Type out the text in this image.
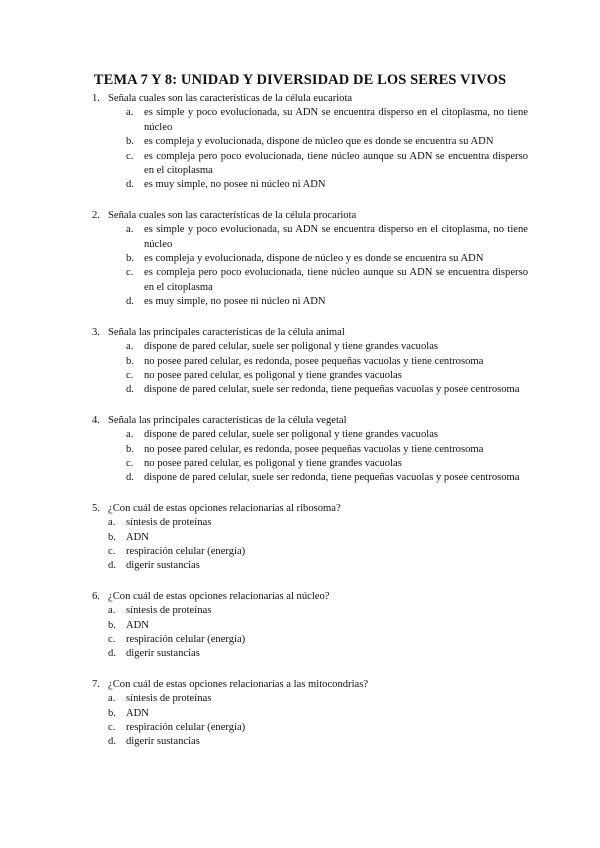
TEMA 7 Y 8: UNIDAD Y DIVERSIDAD DE LOS SERES VIVOS
1. Señala cuales son las características de la célula eucariota
a. es simple y poco evolucionada, su ADN se encuentra disperso en el citoplasma, no tiene núcleo
b. es compleja y evolucionada, dispone de núcleo que es donde se encuentra su ADN
c. es compleja pero poco evolucionada, tiene núcleo aunque su ADN se encuentra disperso en el citoplasma
d. es muy simple, no posee ni núcleo ni ADN
2. Señala cuales son las características de la célula procariota
a. es simple y poco evolucionada, su ADN se encuentra disperso en el citoplasma, no tiene núcleo
b. es compleja y evolucionada, dispone de núcleo y es donde se encuentra su ADN
c. es compleja pero poco evolucionada, tiene núcleo aunque su ADN se encuentra disperso en el citoplasma
d. es muy simple, no posee ni núcleo ni ADN
3. Señala las principales características de la célula animal
a. dispone de pared celular, suele ser poligonal y tiene grandes vacuolas
b. no posee pared celular, es redonda, posee pequeñas vacuolas y tiene centrosoma
c. no posee pared celular, es poligonal y tiene grandes vacuolas
d. dispone de pared celular, suele ser redonda, tiene pequeñas vacuolas y posee centrosoma
4. Señala las principales características de la célula vegetal
a. dispone de pared celular, suele ser poligonal y tiene grandes vacuolas
b. no posee pared celular, es redonda, posee pequeñas vacuolas y tiene centrosoma
c. no posee pared celular, es poligonal y tiene grandes vacuolas
d. dispone de pared celular, suele ser redonda, tiene pequeñas vacuolas y posee centrosoma
5. ¿Con cuál de estas opciones relacionarías al ribosoma?
a. síntesis de proteínas
b. ADN
c. respiración celular (energía)
d. digerir sustancias
6. ¿Con cuál de estas opciones relacionarías al núcleo?
a. síntesis de proteínas
b. ADN
c. respiración celular (energía)
d. digerir sustancias
7. ¿Con cuál de estas opciones relacionarías a las mitocondrias?
a. síntesis de proteínas
b. ADN
c. respiración celular (energía)
d. digerir sustancias
